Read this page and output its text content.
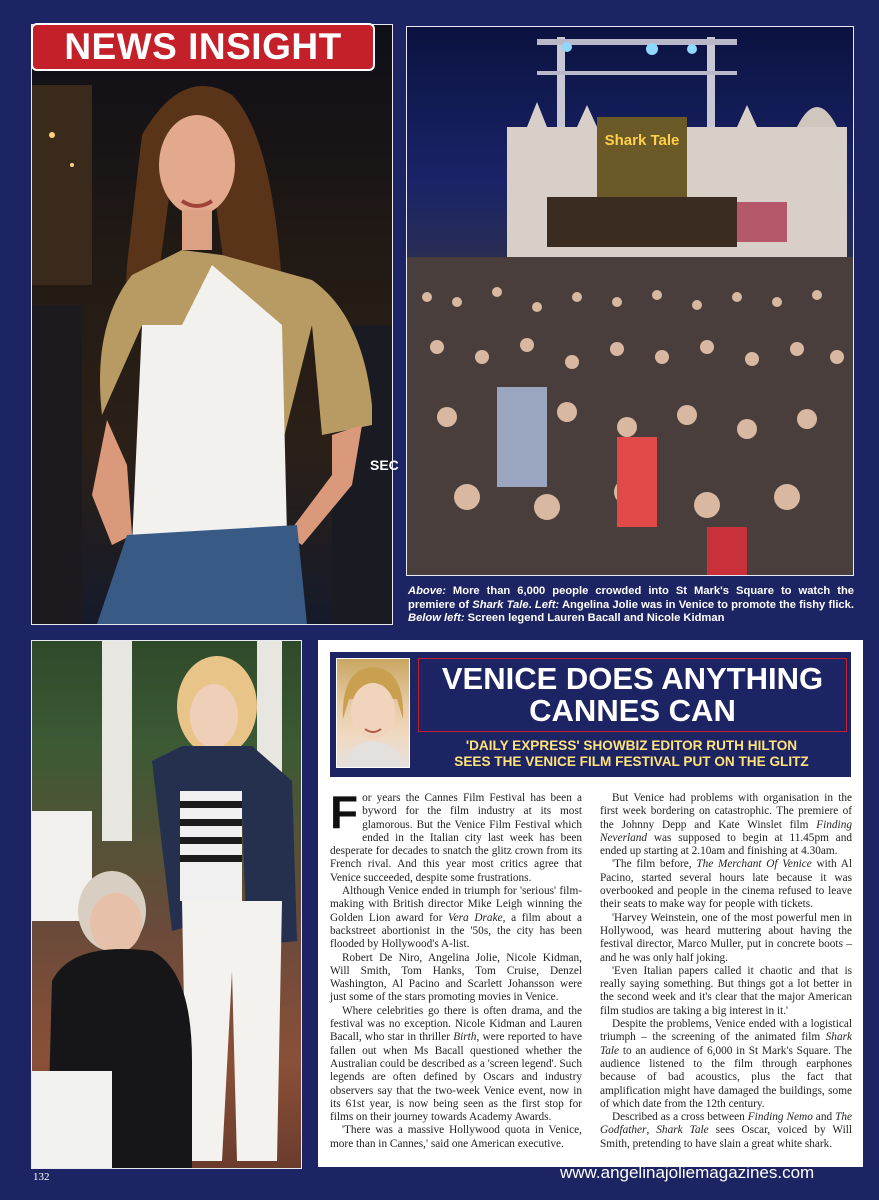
SEC
NEWS INSIGHT
Shark Tale
Above: More than 6,000 people crowded into St Mark's Square to watch the premiere of Shark Tale. Left: Angelina Jolie was in Venice to promote the fishy flick. Below left: Screen legend Lauren Bacall and Nicole Kidman
VENICE DOES ANYTHING
CANNES CAN
'DAILY EXPRESS' SHOWBIZ EDITOR RUTH HILTON
SEES THE VENICE FILM FESTIVAL PUT ON THE GLITZ

For years the Cannes Film Festival has been a byword for the film industry at its most glamorous. But the Venice Film Festival which ended in the Italian city last week has been desperate for decades to snatch the glitz crown from its French rival. And this year most critics agree that Venice succeeded, despite some frustrations.

Although Venice ended in triumph for 'serious' film-making with British director Mike Leigh winning the Golden Lion award for Vera Drake, a film about a backstreet abortionist in the '50s, the city has been flooded by Hollywood's A-list.

Robert De Niro, Angelina Jolie, Nicole Kidman, Will Smith, Tom Hanks, Tom Cruise, Denzel Washington, Al Pacino and Scarlett Johansson were just some of the stars promoting movies in Venice.

Where celebrities go there is often drama, and the festival was no exception. Nicole Kidman and Lauren Bacall, who star in thriller Birth, were reported to have fallen out when Ms Bacall questioned whether the Australian could be described as a 'screen legend'. Such legends are often defined by Oscars and industry observers say that the two-week Venice event, now in its 61st year, is now being seen as the first stop for films on their journey towards Academy Awards.

'There was a massive Hollywood quota in Venice, more than in Cannes,' said one American executive.

But Venice had problems with organisation in the first week bordering on catastrophic. The premiere of the Johnny Depp and Kate Winslet film Finding Neverland was supposed to begin at 11.45pm and ended up starting at 2.10am and finishing at 4.30am.

'The film before, The Merchant Of Venice with Al Pacino, started several hours late because it was overbooked and people in the cinema refused to leave their seats to make way for people with tickets.

'Harvey Weinstein, one of the most powerful men in Hollywood, was heard muttering about having the festival director, Marco Muller, put in concrete boots – and he was only half joking.

'Even Italian papers called it chaotic and that is really saying something. But things got a lot better in the second week and it's clear that the major American film studios are taking a big interest in it.'

Despite the problems, Venice ended with a logistical triumph – the screening of the animated film Shark Tale to an audience of 6,000 in St Mark's Square. The audience listened to the film through earphones because of bad acoustics, plus the fact that amplification might have damaged the buildings, some of which date from the 12th century.

Described as a cross between Finding Nemo and The Godfather, Shark Tale sees Oscar, voiced by Will Smith, pretending to have slain a great white shark.

132	www.angelinajoliemagazines.com
